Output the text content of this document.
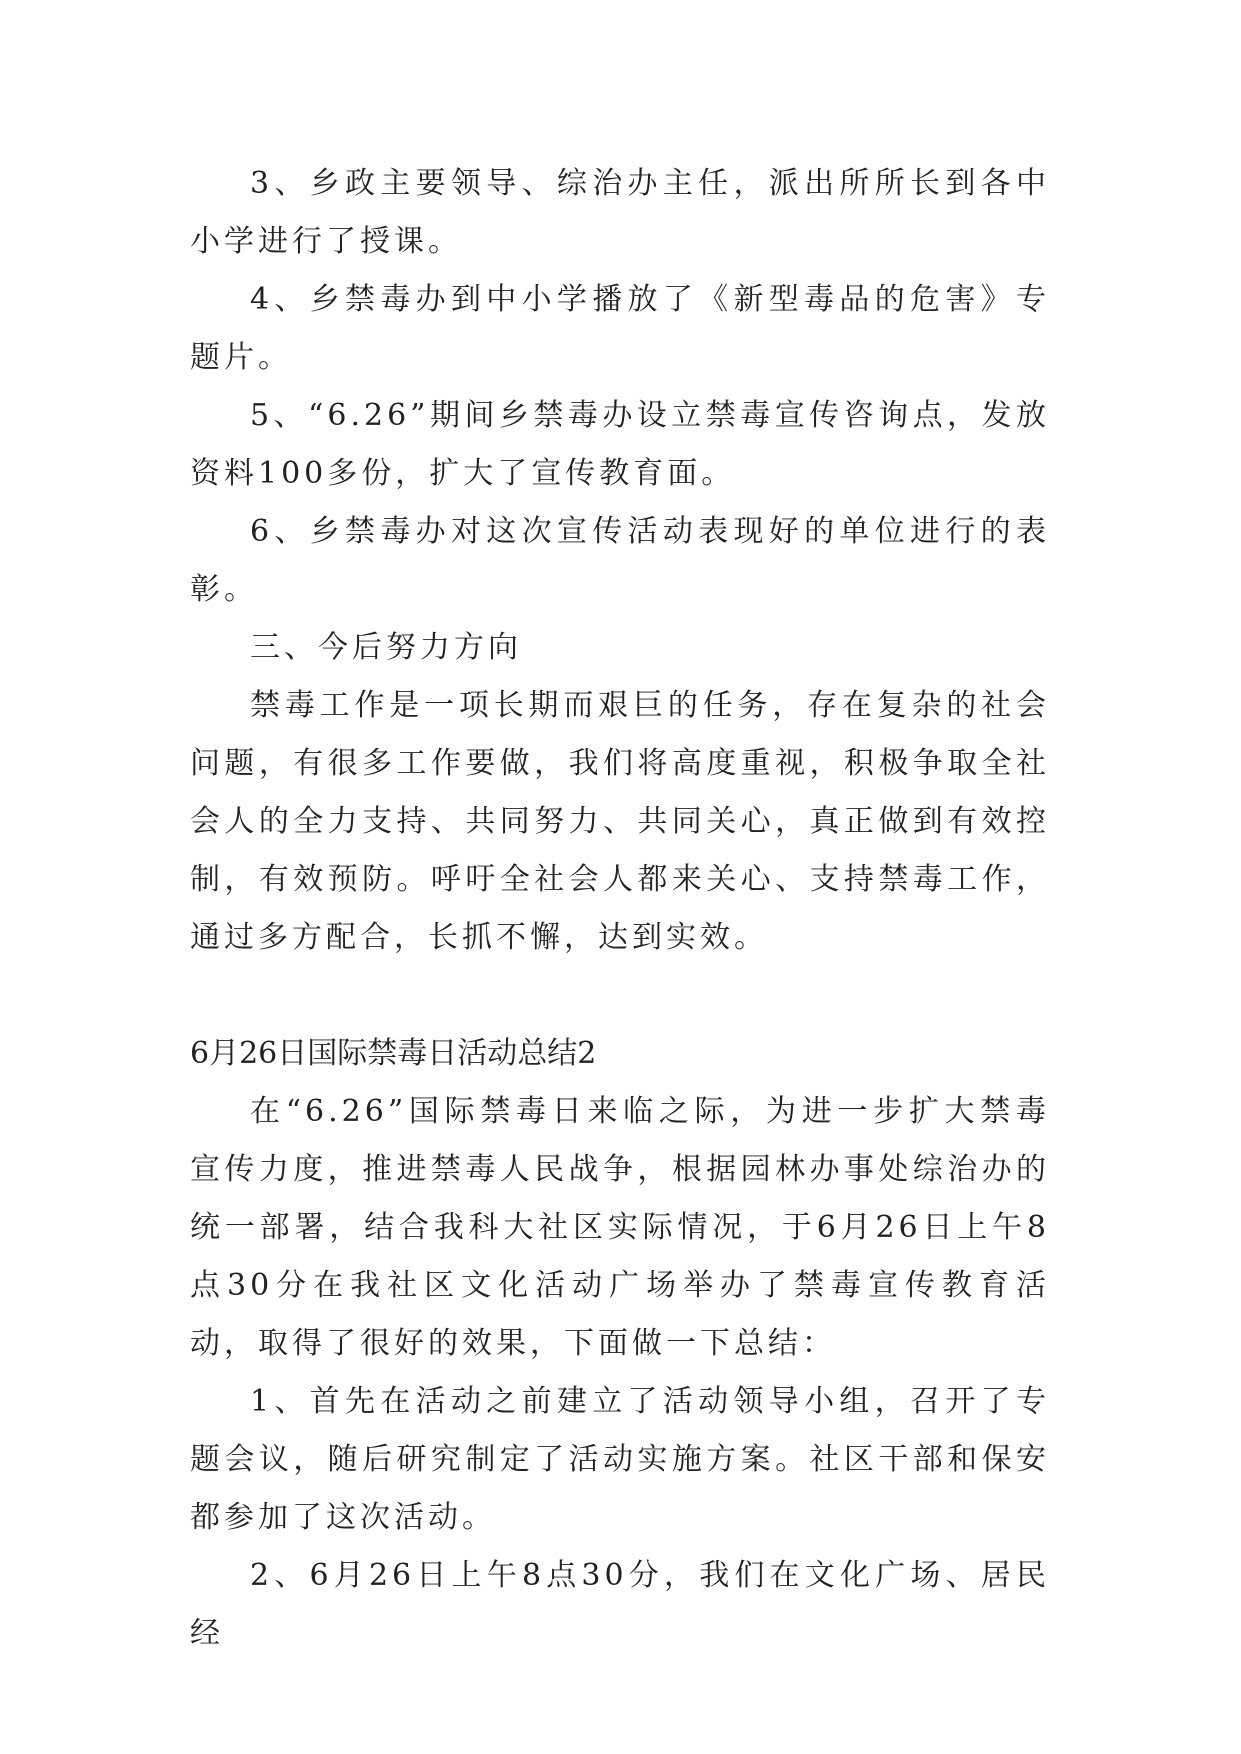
3、乡政主要领导、综治办主任，派出所所长到各中小学进行了授课。

4、乡禁毒办到中小学播放了《新型毒品的危害》专题片。

5、“6.26”期间乡禁毒办设立禁毒宣传咨询点，发放资料100多份，扩大了宣传教育面。

6、乡禁毒办对这次宣传活动表现好的单位进行的表彰。

三、今后努力方向

禁毒工作是一项长期而艰巨的任务，存在复杂的社会问题，有很多工作要做，我们将高度重视，积极争取全社会人的全力支持、共同努力、共同关心，真正做到有效控制，有效预防。呼吁全社会人都来关心、支持禁毒工作，通过多方配合，长抓不懈，达到实效。

6月26日国际禁毒日活动总结2

在“6.26”国际禁毒日来临之际，为进一步扩大禁毒宣传力度，推进禁毒人民战争，根据园林办事处综治办的统一部署，结合我科大社区实际情况，于6月26日上午8点30分在我社区文化活动广场举办了禁毒宣传教育活动，取得了很好的效果，下面做一下总结：

1、首先在活动之前建立了活动领导小组，召开了专题会议，随后研究制定了活动实施方案。社区干部和保安都参加了这次活动。

2、6月26日上午8点30分，我们在文化广场、居民经
